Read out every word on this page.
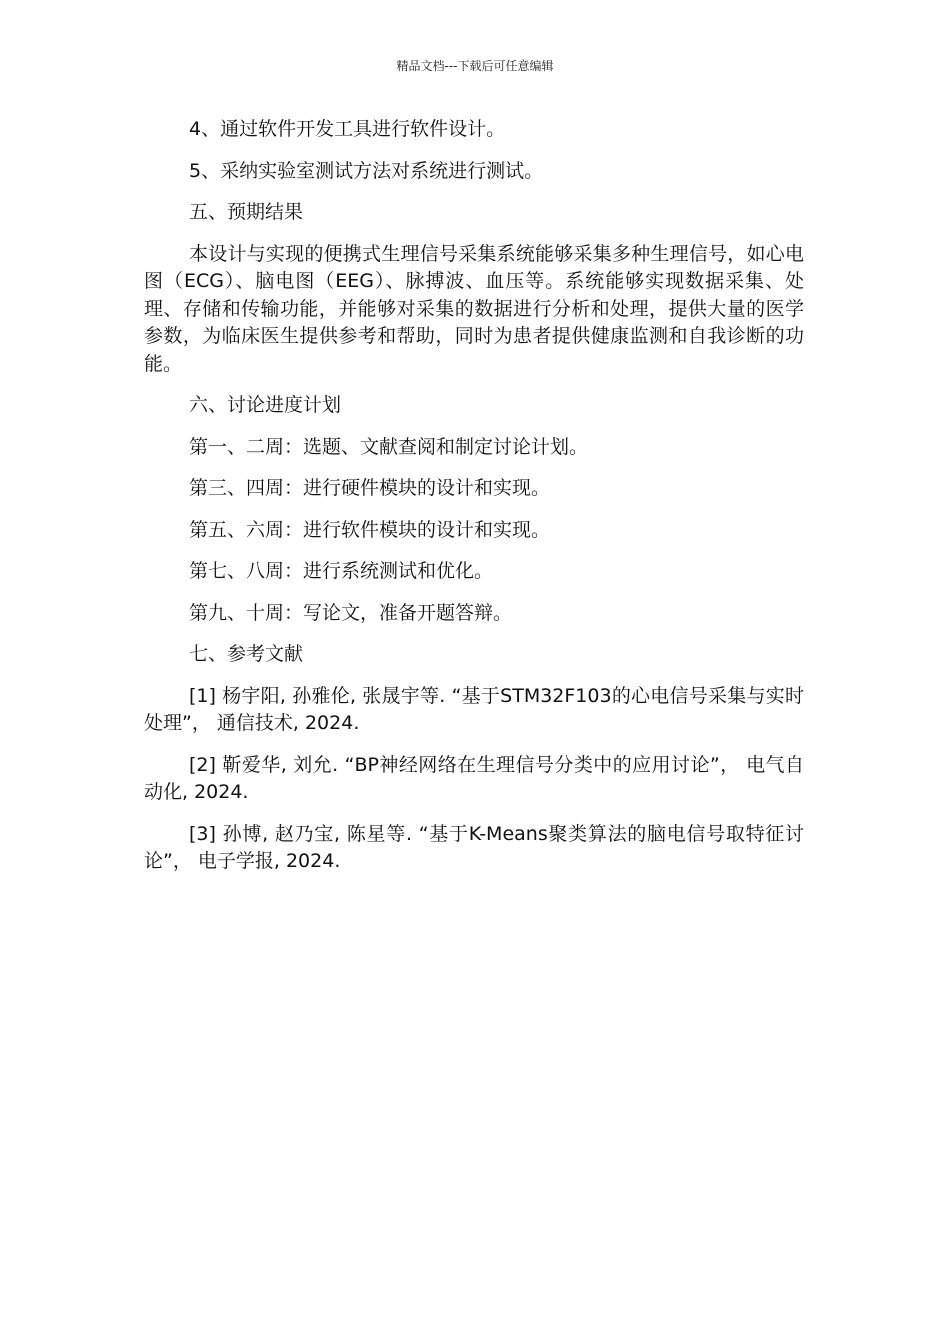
精品文档---下载后可任意编辑

4、通过软件开发工具进行软件设计。

5、采纳实验室测试方法对系统进行测试。

五、预期结果

本设计与实现的便携式生理信号采集系统能够采集多种生理信号，如心电图（ECG）、脑电图（EEG）、脉搏波、血压等。系统能够实现数据采集、处理、存储和传输功能，并能够对采集的数据进行分析和处理，提供大量的医学参数，为临床医生提供参考和帮助，同时为患者提供健康监测和自我诊断的功能。

六、讨论进度计划

第一、二周：选题、文献查阅和制定讨论计划。

第三、四周：进行硬件模块的设计和实现。

第五、六周：进行软件模块的设计和实现。

第七、八周：进行系统测试和优化。

第九、十周：写论文，准备开题答辩。

七、参考文献

[1] 杨宇阳, 孙雅伦, 张晟宇等. “基于STM32F103的心电信号采集与实时处理”， 通信技术, 2024.

[2] 靳爱华, 刘允. “BP神经网络在生理信号分类中的应用讨论”， 电气自动化, 2024.

[3] 孙博, 赵乃宝, 陈星等. “基于K-Means聚类算法的脑电信号取特征讨论”， 电子学报, 2024.
